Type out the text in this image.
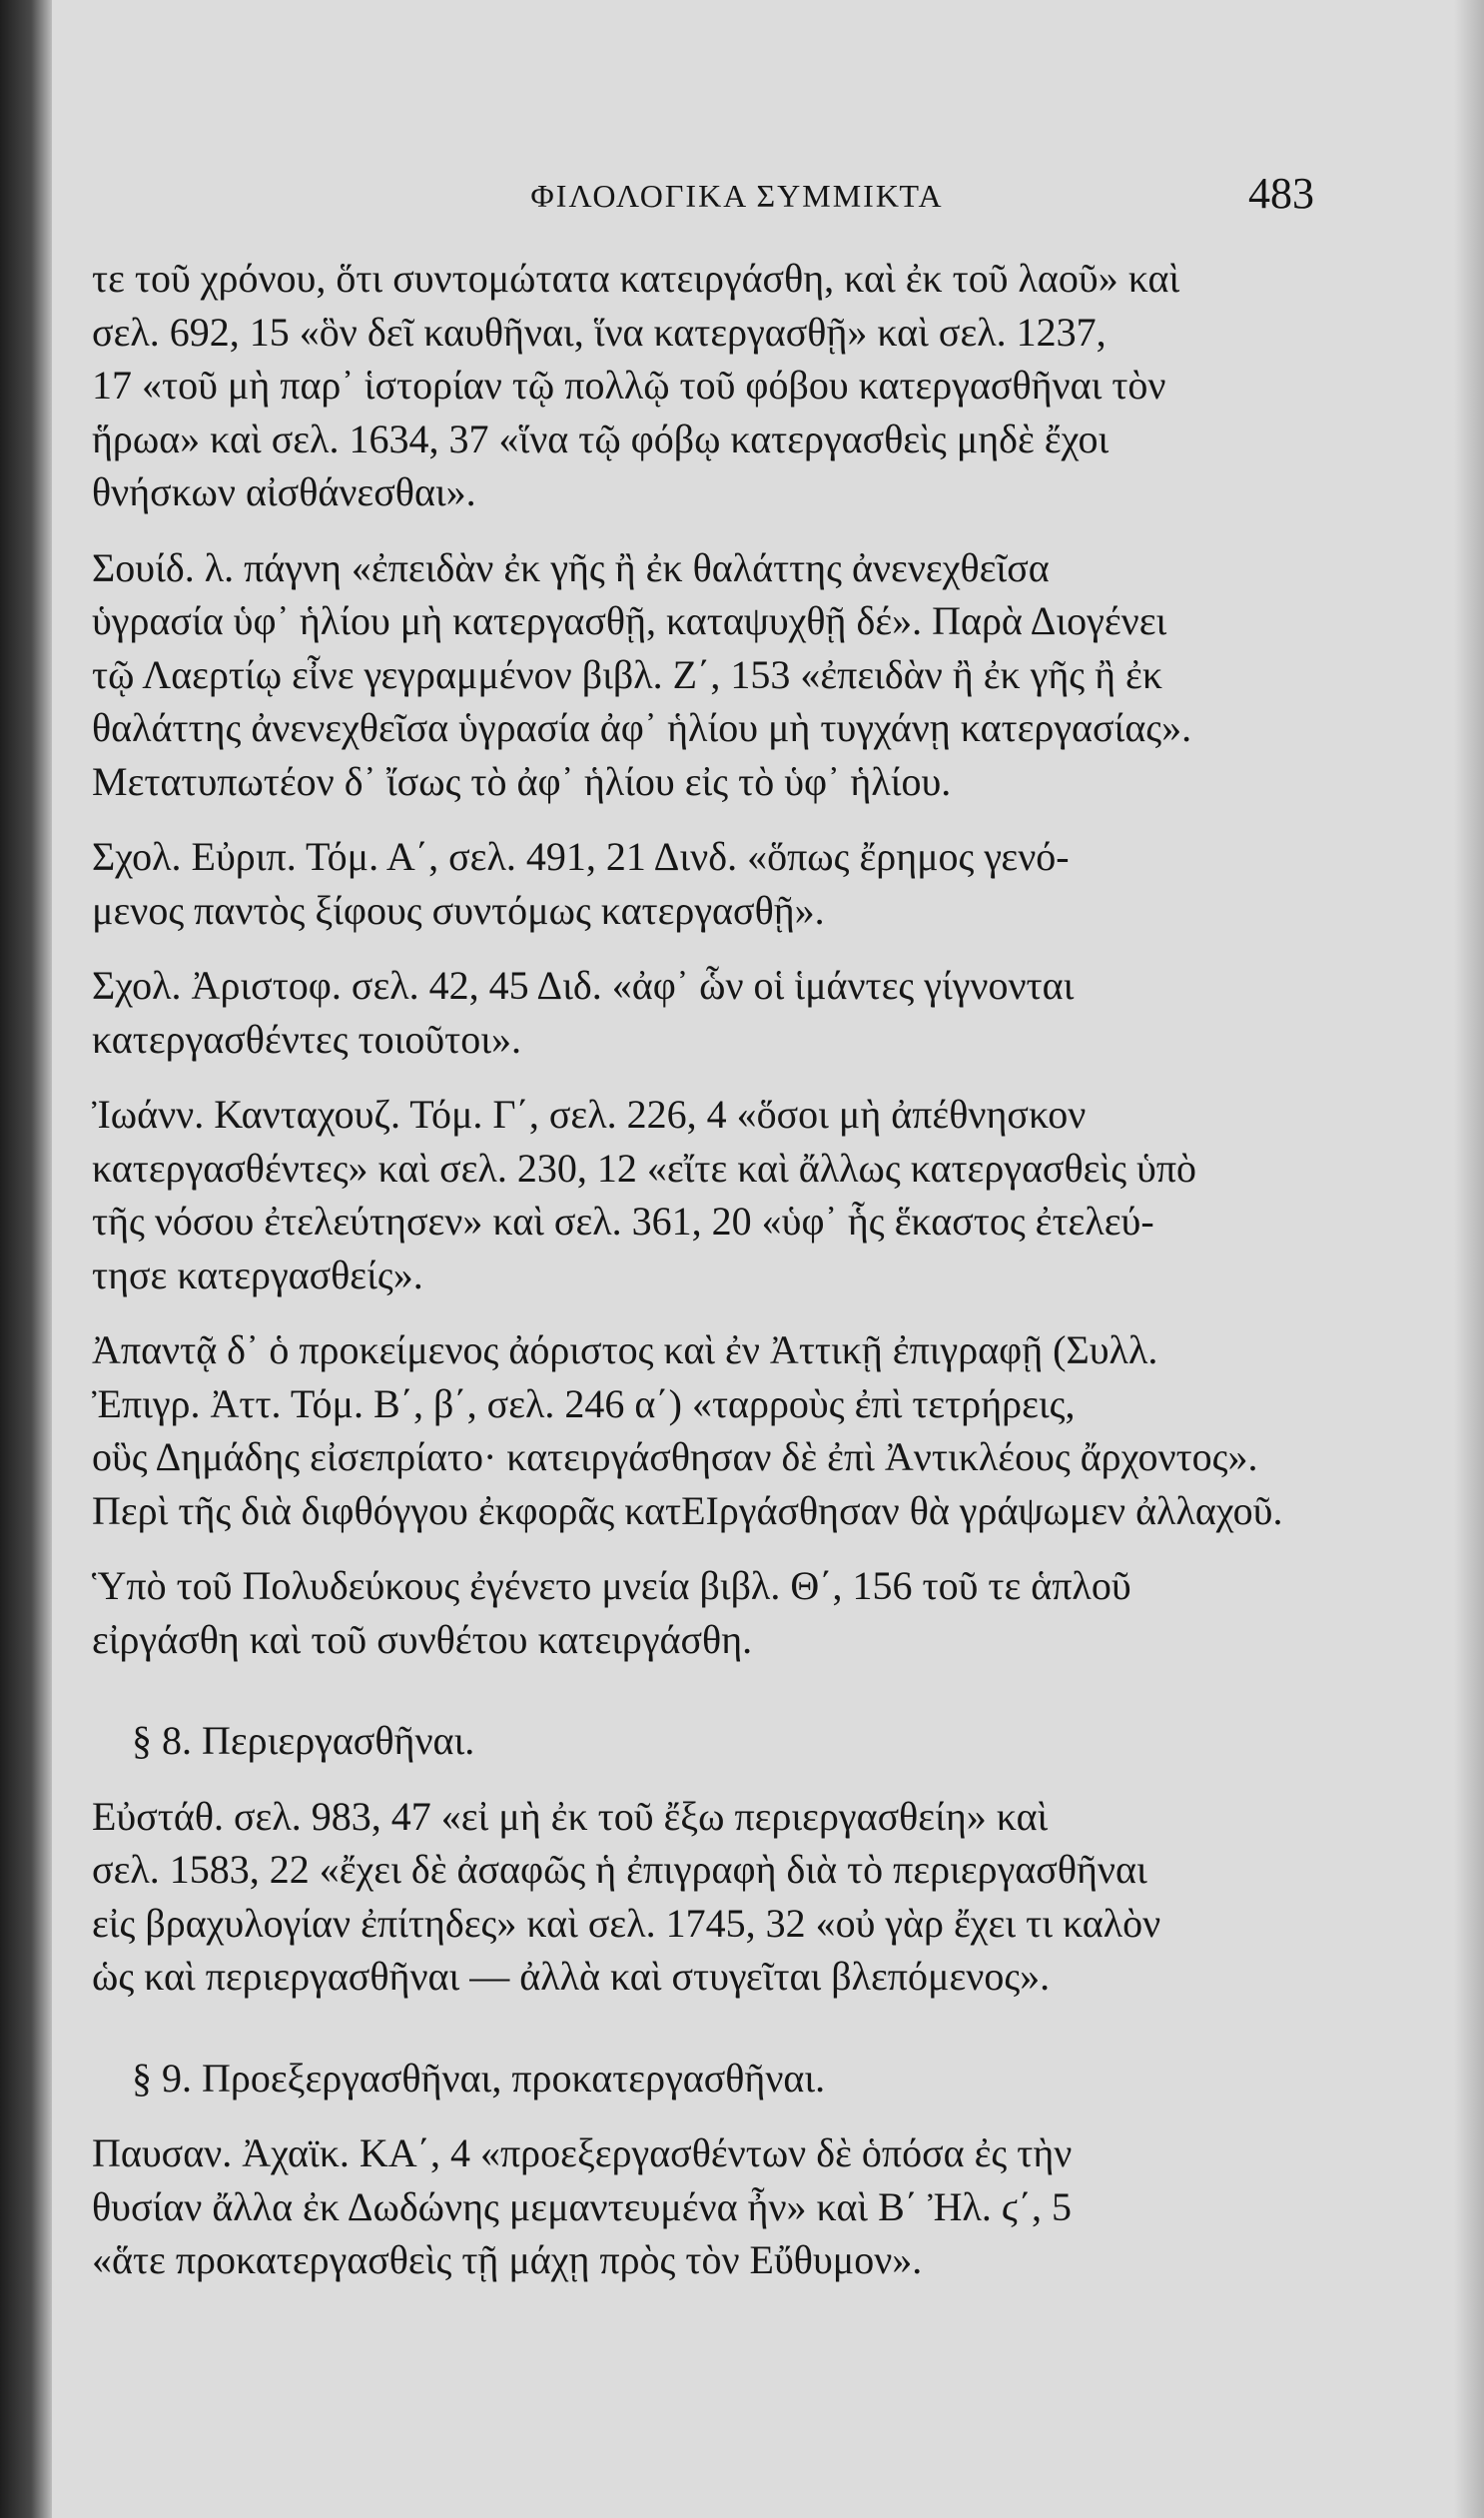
ΦΙΛΟΛΟΓΙΚΑ ΣΥΜΜΙΚΤΑ	483
τε τοῦ χρόνου, ὅτι συντομώτατα κατειργάσθη, καὶ ἐκ τοῦ λαοῦ» καὶ
σελ. 692, 15 «ὃν δεῖ καυθῆναι, ἵνα κατεργασθῇ» καὶ σελ. 1237,
17 «τοῦ μὴ παρ᾽ ἱστορίαν τῷ πολλῷ τοῦ φόβου κατεργασθῆναι τὸν
ἥρωα» καὶ σελ. 1634, 37 «ἵνα τῷ φόβῳ κατεργασθεὶς μηδὲ ἔχοι
θνήσκων αἰσθάνεσθαι».
Σουίδ. λ. πάγνη «ἐπειδὰν ἐκ γῆς ἢ ἐκ θαλάττης ἀνενεχθεῖσα
ὑγρασία ὑφ᾽ ἡλίου μὴ κατεργασθῇ, καταψυχθῇ δέ». Παρὰ Διογένει
τῷ Λαερτίῳ εἶνε γεγραμμένον βιβλ. Ζ΄, 153 «ἐπειδὰν ἢ ἐκ γῆς ἢ ἐκ
θαλάττης ἀνενεχθεῖσα ὑγρασία ἀφ᾽ ἡλίου μὴ τυγχάνῃ κατεργασίας».
Μετατυπωτέον δ᾽ ἴσως τὸ ἀφ᾽ ἡλίου εἰς τὸ ὑφ᾽ ἡλίου.
Σχολ. Εὐριπ. Τόμ. Α΄, σελ. 491, 21 Δινδ. «ὅπως ἔρημος γενό-
μενος παντὸς ξίφους συντόμως κατεργασθῇ».
Σχολ. Ἀριστοφ. σελ. 42, 45 Διδ. «ἀφ᾽ ὧν οἱ ἱμάντες γίγνονται
κατεργασθέντες τοιοῦτοι».
Ἰωάνν. Κανταχουζ. Τόμ. Γ΄, σελ. 226, 4 «ὅσοι μὴ ἀπέθνησκον
κατεργασθέντες» καὶ σελ. 230, 12 «εἴτε καὶ ἄλλως κατεργασθεὶς ὑπὸ
τῆς νόσου ἐτελεύτησεν» καὶ σελ. 361, 20 «ὑφ᾽ ἧς ἕκαστος ἐτελεύ-
τησε κατεργασθείς».
Ἀπαντᾷ δ᾽ ὁ προκείμενος ἀόριστος καὶ ἐν Ἀττικῇ ἐπιγραφῇ (Συλλ.
Ἐπιγρ. Ἀττ. Τόμ. Β΄, β΄, σελ. 246 α΄) «ταρροὺς ἐπὶ τετρήρεις,
οὓς Δημάδης εἰσεπρίατο· κατειργάσθησαν δὲ ἐπὶ Ἀντικλέους ἄρχοντος».
Περὶ τῆς διὰ διφθόγγου ἐκφορᾶς κατΕΙργάσθησαν θὰ γράψωμεν ἀλλαχοῦ.
Ὑπὸ τοῦ Πολυδεύκους ἐγένετο μνεία βιβλ. Θ΄, 156 τοῦ τε ἁπλοῦ
εἰργάσθη καὶ τοῦ συνθέτου κατειργάσθη.
§ 8. Περιεργασθῆναι.
Εὐστάθ. σελ. 983, 47 «εἰ μὴ ἐκ τοῦ ἔξω περιεργασθείη» καὶ
σελ. 1583, 22 «ἔχει δὲ ἀσαφῶς ἡ ἐπιγραφὴ διὰ τὸ περιεργασθῆναι
εἰς βραχυλογίαν ἐπίτηδες» καὶ σελ. 1745, 32 «οὐ γὰρ ἔχει τι καλὸν
ὡς καὶ περιεργασθῆναι — ἀλλὰ καὶ στυγεῖται βλεπόμενος».
§ 9. Προεξεργασθῆναι, προκατεργασθῆναι.
Παυσαν. Ἀχαϊκ. ΚΑ΄, 4 «προεξεργασθέντων δὲ ὁπόσα ἐς τὴν
θυσίαν ἄλλα ἐκ Δωδώνης μεμαντευμένα ἦν» καὶ Β΄ Ἠλ. ϛ΄, 5
«ἅτε προκατεργασθεὶς τῇ μάχῃ πρὸς τὸν Εὔθυμον».
